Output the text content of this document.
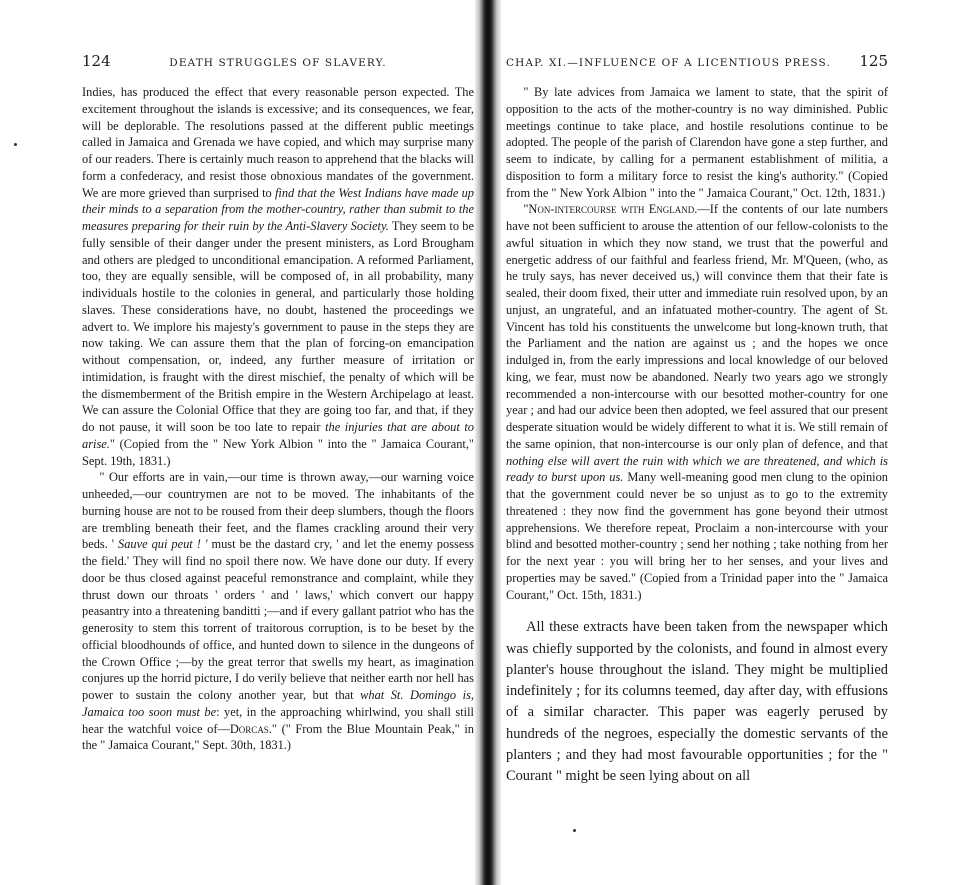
124	DEATH STRUGGLES OF SLAVERY.

Indies, has produced the effect that every reasonable person expected. The excitement throughout the islands is excessive; and its consequences, we fear, will be deplorable. The resolutions passed at the different public meetings called in Jamaica and Grenada we have copied, and which may surprise many of our readers. There is certainly much reason to apprehend that the blacks will form a confederacy, and resist those obnoxious mandates of the government. We are more grieved than surprised to find that the West Indians have made up their minds to a separation from the mother-country, rather than submit to the measures preparing for their ruin by the Anti-Slavery Society. They seem to be fully sensible of their danger under the present ministers, as Lord Brougham and others are pledged to unconditional emancipation. A reformed Parliament, too, they are equally sensible, will be composed of, in all probability, many individuals hostile to the colonies in general, and particularly those holding slaves. These considerations have, no doubt, hastened the proceedings we advert to. We implore his majesty's government to pause in the steps they are now taking. We can assure them that the plan of forcing-on emancipation without compensation, or, indeed, any further measure of irritation or intimidation, is fraught with the direst mischief, the penalty of which will be the dismemberment of the British empire in the Western Archipelago at least. We can assure the Colonial Office that they are going too far, and that, if they do not pause, it will soon be too late to repair the injuries that are about to arise." (Copied from the " New York Albion " into the " Jamaica Courant," Sept. 19th, 1831.)

" Our efforts are in vain,—our time is thrown away,—our warning voice unheeded,—our countrymen are not to be moved. The inhabitants of the burning house are not to be roused from their deep slumbers, though the floors are trembling beneath their feet, and the flames crackling around their very beds. ' Sauve qui peut ! ' must be the dastard cry, ' and let the enemy possess the field.' They will find no spoil there now. We have done our duty. If every door be thus closed against peaceful remonstrance and complaint, while they thrust down our throats ' orders ' and ' laws,' which convert our happy peasantry into a threatening banditti ;—and if every gallant patriot who has the generosity to stem this torrent of traitorous corruption, is to be beset by the official bloodhounds of office, and hunted down to silence in the dungeons of the Crown Office ;—by the great terror that swells my heart, as imagination conjures up the horrid picture, I do verily believe that neither earth nor hell has power to sustain the colony another year, but that what St. Domingo is, Jamaica too soon must be: yet, in the approaching whirlwind, you shall still hear the watchful voice of—Dorcas." (" From the Blue Mountain Peak," in the " Jamaica Courant," Sept. 30th, 1831.)

CHAP. XI.—INFLUENCE OF A LICENTIOUS PRESS. 125

" By late advices from Jamaica we lament to state, that the spirit of opposition to the acts of the mother-country is no way diminished. Public meetings continue to take place, and hostile resolutions continue to be adopted. The people of the parish of Clarendon have gone a step further, and seem to indicate, by calling for a permanent establishment of militia, a disposition to form a military force to resist the king's authority." (Copied from the " New York Albion " into the " Jamaica Courant," Oct. 12th, 1831.)

"Non-intercourse with England.—If the contents of our late numbers have not been sufficient to arouse the attention of our fellow-colonists to the awful situation in which they now stand, we trust that the powerful and energetic address of our faithful and fearless friend, Mr. M'Queen, (who, as he truly says, has never deceived us,) will convince them that their fate is sealed, their doom fixed, their utter and immediate ruin resolved upon, by an unjust, an ungrateful, and an infatuated mother-country. The agent of St. Vincent has told his constituents the unwelcome but long-known truth, that the Parliament and the nation are against us ; and the hopes we once indulged in, from the early impressions and local knowledge of our beloved king, we fear, must now be abandoned. Nearly two years ago we strongly recommended a non-intercourse with our besotted mother-country for one year ; and had our advice been then adopted, we feel assured that our present desperate situation would be widely different to what it is. We still remain of the same opinion, that non-intercourse is our only plan of defence, and that nothing else will avert the ruin with which we are threatened, and which is ready to burst upon us. Many well-meaning good men clung to the opinion that the government could never be so unjust as to go to the extremity threatened : they now find the government has gone beyond their utmost apprehensions. We therefore repeat, Proclaim a non-intercourse with your blind and besotted mother-country ; send her nothing ; take nothing from her for the next year : you will bring her to her senses, and your lives and properties may be saved." (Copied from a Trinidad paper into the " Jamaica Courant," Oct. 15th, 1831.)

All these extracts have been taken from the newspaper which was chiefly supported by the colonists, and found in almost every planter's house throughout the island. They might be multiplied indefinitely ; for its columns teemed, day after day, with effusions of a similar character. This paper was eagerly perused by hundreds of the negroes, especially the domestic servants of the planters ; and they had most favourable opportunities ; for the " Courant " might be seen lying about on all
